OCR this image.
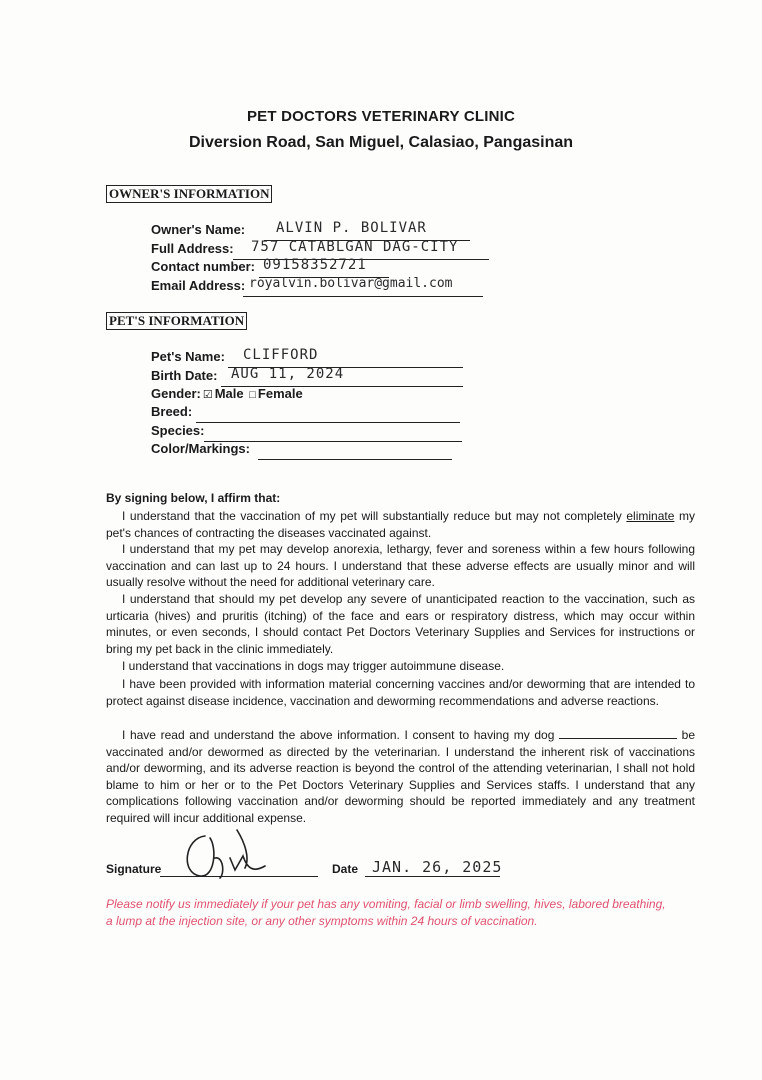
PET DOCTORS VETERINARY CLINIC
Diversion Road, San Miguel, Calasiao, Pangasinan
OWNER'S INFORMATION
Owner's Name: ALVIN P. BOLIVAR
Full Address: 757 CATABLGAN DAG-CITY
Contact number: 09158352721
Email Address: royalvin.bolivar@gmail.com
PET'S INFORMATION
Pet's Name: CLIFFORD
Birth Date: AUG 11, 2024
Gender: ☑ Male □ Female
Breed:
Species:
Color/Markings:
By signing below, I affirm that:

I understand that the vaccination of my pet will substantially reduce but may not completely eliminate my pet's chances of contracting the diseases vaccinated against.

I understand that my pet may develop anorexia, lethargy, fever and soreness within a few hours following vaccination and can last up to 24 hours. I understand that these adverse effects are usually minor and will usually resolve without the need for additional veterinary care.

I understand that should my pet develop any severe of unanticipated reaction to the vaccination, such as urticaria (hives) and pruritis (itching) of the face and ears or respiratory distress, which may occur within minutes, or even seconds, I should contact Pet Doctors Veterinary Supplies and Services for instructions or bring my pet back in the clinic immediately.

I understand that vaccinations in dogs may trigger autoimmune disease.

I have been provided with information material concerning vaccines and/or deworming that are intended to protect against disease incidence, vaccination and deworming recommendations and adverse reactions.

I have read and understand the above information. I consent to having my dog	be vaccinated and/or dewormed as directed by the veterinarian. I understand the inherent risk of vaccinations and/or deworming, and its adverse reaction is beyond the control of the attending veterinarian, I shall not hold blame to him or her or to the Pet Doctors Veterinary Supplies and Services staffs. I understand that any complications following vaccination and/or deworming should be reported immediately and any treatment required will incur additional expense.

Signature	Date JAN. 26, 2025

Please notify us immediately if your pet has any vomiting, facial or limb swelling, hives, labored breathing, a lump at the injection site, or any other symptoms within 24 hours of vaccination.
